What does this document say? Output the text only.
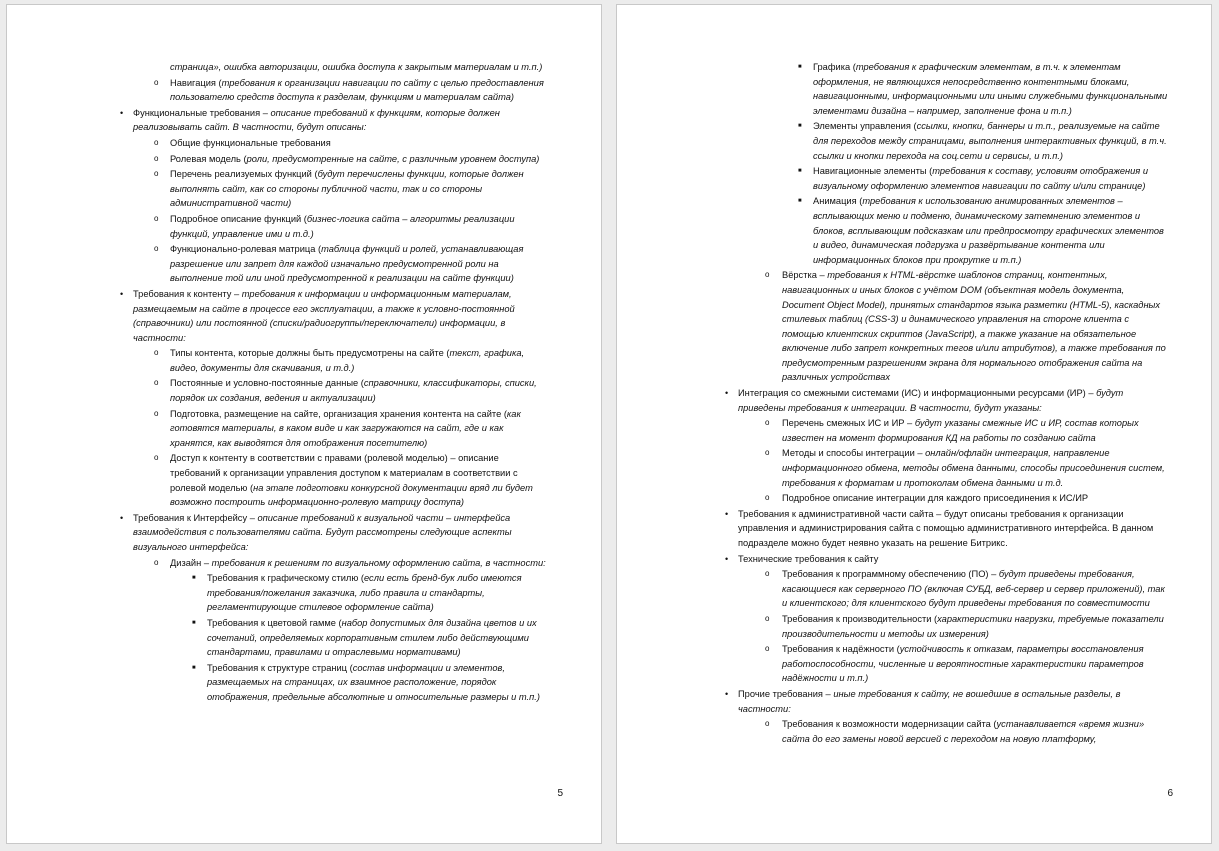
страница», ошибка авторизации, ошибка доступа к закрытым материалам и т.п.)
o Навигация (требования к организации навигации по сайту с целью предоставления пользователю средств доступа к разделам, функциям и материалам сайта)
• Функциональные требования – описание требований к функциям, которые должен реализовывать сайт. В частности, будут описаны:
o Общие функциональные требования
o Ролевая модель (роли, предусмотренные на сайте, с различным уровнем доступа)
o Перечень реализуемых функций (будут перечислены функции, которые должен выполнять сайт, как со стороны публичной части, так и со стороны административной части)
o Подробное описание функций (бизнес-логика сайта – алгоритмы реализации функций, управление ими и т.д.)
o Функционально-ролевая матрица (таблица функций и ролей, устанавливающая разрешение или запрет для каждой изначально предусмотренной роли на выполнение той или иной предусмотренной к реализации на сайте функции)
• Требования к контенту – требования к информации и информационным материалам, размещаемым на сайте в процессе его эксплуатации, а также к условно-постоянной (справочники) или постоянной (списки/радиогруппы/переключатели) информации, в частности:
o Типы контента, которые должны быть предусмотрены на сайте (текст, графика, видео, документы для скачивания, и т.д.)
o Постоянные и условно-постоянные данные (справочники, классификаторы, списки, порядок их создания, ведения и актуализации)
o Подготовка, размещение на сайте, организация хранения контента на сайте (как готовятся материалы, в каком виде и как загружаются на сайт, где и как хранятся, как выводятся для отображения посетителю)
o Доступ к контенту в соответствии с правами (ролевой моделью) – описание требований к организации управления доступом к материалам в соответствии с ролевой моделью (на этапе подготовки конкурсной документации вряд ли будет возможно построить информационно-ролевую матрицу доступа)
• Требования к Интерфейсу – описание требований к визуальной части – интерфейса взаимодействия с пользователями сайта. Будут рассмотрены следующие аспекты визуального интерфейса:
o Дизайн – требования к решениям по визуальному оформлению сайта, в частности:
■ Требования к графическому стилю (если есть бренд-бук либо имеются требования/пожелания заказчика, либо правила и стандарты, регламентирующие стилевое оформление сайта)
■ Требования к цветовой гамме (набор допустимых для дизайна цветов и их сочетаний, определяемых корпоративным стилем либо действующими стандартами, правилами и отраслевыми нормативами)
■ Требования к структуре страниц (состав информации и элементов, размещаемых на страницах, их взаимное расположение, порядок отображения, предельные абсолютные и относительные размеры и т.п.)
5
■ Графика (требования к графическим элементам, в т.ч. к элементам оформления, не являющихся непосредственно контентными блоками, навигационными, информационными или иными служебными функциональными элементами дизайна – например, заполнение фона и т.п.)
■ Элементы управления (ссылки, кнопки, баннеры и т.п., реализуемые на сайте для переходов между страницами, выполнения интерактивных функций, в т.ч. ссылки и кнопки перехода на соц.сети и сервисы, и т.п.)
■ Навигационные элементы (требования к составу, условиям отображения и визуальному оформлению элементов навигации по сайту и/или странице)
■ Анимация (требования к использованию анимированных элементов – всплывающих меню и подменю, динамическому затемнению элементов и блоков, всплывающим подсказкам или предпросмотру графических элементов и видео, динамическая подгрузка и развёртывание контента или информационных блоков при прокрутке и т.п.)
o Вёрстка – требования к HTML-вёрстке шаблонов страниц, контентных, навигационных и иных блоков с учётом DOM (объектная модель документа, Document Object Model), принятых стандартов языка разметки (HTML-5), каскадных стилевых таблиц (CSS-3) и динамического управления на стороне клиента с помощью клиентских скриптов (JavaScript), а также указание на обязательное включение либо запрет конкретных тегов и/или атрибутов), а также требования по предусмотренным разрешениям экрана для нормального отображения сайта на различных устройствах
• Интеграция со смежными системами (ИС) и информационными ресурсами (ИР) – будут приведены требования к интеграции. В частности, будут указаны:
o Перечень смежных ИС и ИР – будут указаны смежные ИС и ИР, состав которых известен на момент формирования КД на работы по созданию сайта
o Методы и способы интеграции – онлайн/офлайн интеграция, направление информационного обмена, методы обмена данными, способы присоединения систем, требования к форматам и протоколам обмена данными и т.д.
o Подробное описание интеграции для каждого присоединения к ИС/ИР
• Требования к административной части сайта – будут описаны требования к организации управления и администрирования сайта с помощью административного интерфейса. В данном подразделе можно будет неявно указать на решение Битрикс.
• Технические требования к сайту
o Требования к программному обеспечению (ПО) – будут приведены требования, касающиеся как серверного ПО (включая СУБД, веб-сервер и сервер приложений), так и клиентского; для клиентского будут приведены требования по совместимости
o Требования к производительности (характеристики нагрузки, требуемые показатели производительности и методы их измерения)
o Требования к надёжности (устойчивость к отказам, параметры восстановления работоспособности, численные и вероятностные характеристики параметров надёжности и т.п.)
• Прочие требования – иные требования к сайту, не вошедшие в остальные разделы, в частности:
o Требования к возможности модернизации сайта (устанавливается «время жизни» сайта до его замены новой версией с переходом на новую платформу,
6
